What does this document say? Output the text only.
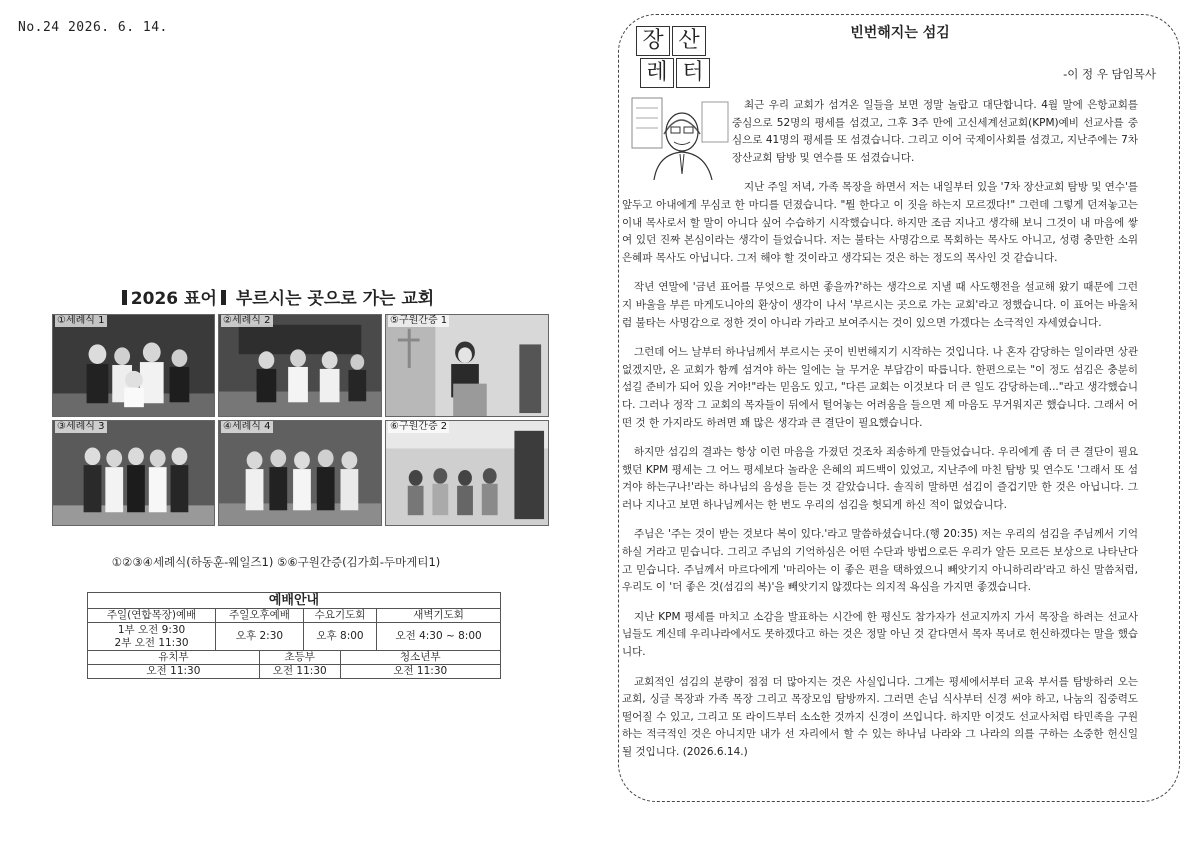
No.24 2026. 6. 14.
2026 표어 부르시는 곳으로 가는 교회
①세례식 1	②세례식 2	⑤구원간증 1
③세례식 3	④세례식 4	⑥구원간증 2
①②③④세례식(하동훈-웨일즈1) ⑤⑥구원간증(김가희-두마게티1)
예배안내					
주일(연합목장)예배	주일오후예배		수요기도회		새벽기도회
1부 오전 9:30
2부 오전 11:30	오후 2:30		오후 8:00		오전 4:30 ~ 8:00
유치부		초등부		청소년부	
오전 11:30		오전 11:30		오전 11:30	
빈번해지는 섬김
-이 정 우 담임목사
장 산
레 터

최근 우리 교회가 섬겨온 일들을 보면 정말 놀랍고 대단합니다. 4월 말에 은항교회를 중심으로 52명의 평세를 섬겼고, 그후 3주 만에 고신세계선교회(KPM)예비 선교사를 중심으로 41명의 평세를 또 섬겼습니다. 그리고 이어 국제이사회를 섬겼고, 지난주에는 7차 장산교회 탐방 및 연수를 또 섬겼습니다.

지난 주일 저녁, 가족 목장을 하면서 저는 내일부터 있을 '7차 장산교회 탐방 및 연수'를 앞두고 아내에게 무심코 한 마디를 던졌습니다. "뭘 한다고 이 짓을 하는지 모르겠다!" 그런데 그렇게 던져놓고는 이내 목사로서 할 말이 아니다 싶어 수습하기 시작했습니다. 하지만 조금 지나고 생각해 보니 그것이 내 마음에 쌓여 있던 진짜 본심이라는 생각이 들었습니다. 저는 불타는 사명감으로 목회하는 목사도 아니고, 성령 충만한 소위 은혜파 목사도 아닙니다. 그저 해야 할 것이라고 생각되는 것은 하는 정도의 목사인 것 같습니다.

작년 연말에 '금년 표어를 무엇으로 하면 좋을까?'하는 생각으로 지낼 때 사도행전을 설교해 왔기 때문에 그런지 바울을 부른 마게도니아의 환상이 생각이 나서 '부르시는 곳으로 가는 교회'라고 정했습니다. 이 표어는 바울처럼 불타는 사명감으로 정한 것이 아니라 가라고 보여주시는 것이 있으면 가겠다는 소극적인 자세였습니다.

그런데 어느 날부터 하나님께서 부르시는 곳이 빈번해지기 시작하는 것입니다. 나 혼자 감당하는 일이라면 상관없겠지만, 온 교회가 함께 섬겨야 하는 일에는 늘 무거운 부담감이 따릅니다. 한편으로는 "이 정도 섬김은 충분히 섬길 준비가 되어 있을 거야!"라는 믿음도 있고, "다른 교회는 이것보다 더 큰 일도 감당하는데..."라고 생각했습니다. 그러나 정작 그 교회의 목자들이 뒤에서 털어놓는 어려움을 들으면 제 마음도 무거워지곤 했습니다. 그래서 어떤 것 한 가지라도 하려면 꽤 많은 생각과 큰 결단이 필요했습니다.

하지만 섬김의 결과는 항상 이런 마음을 가졌던 것조차 죄송하게 만들었습니다. 우리에게 좀 더 큰 결단이 필요했던 KPM 평세는 그 어느 평세보다 놀라운 은혜의 피드백이 있었고, 지난주에 마친 탐방 및 연수도 '그래서 또 섬겨야 하는구나!'라는 하나님의 음성을 듣는 것 같았습니다. 솔직히 말하면 섬김이 즐겁기만 한 것은 아닙니다. 그러나 지나고 보면 하나님께서는 한 번도 우리의 섬김을 헛되게 하신 적이 없었습니다.

주님은 '주는 것이 받는 것보다 복이 있다.'라고 말씀하셨습니다.(행 20:35) 저는 우리의 섬김을 주님께서 기억하실 거라고 믿습니다. 그리고 주님의 기억하심은 어떤 수단과 방법으로든 우리가 알든 모르든 보상으로 나타난다고 믿습니다. 주님께서 마르다에게 '마리아는 이 좋은 편을 택하였으니 빼앗기지 아니하리라'라고 하신 말씀처럼, 우리도 이 '더 좋은 것(섬김의 복)'을 빼앗기지 않겠다는 의지적 욕심을 가지면 좋겠습니다.

지난 KPM 평세를 마치고 소감을 발표하는 시간에 한 평신도 참가자가 선교지까지 가서 목장을 하려는 선교사님들도 계신데 우리나라에서도 못하겠다고 하는 것은 정말 아닌 것 같다면서 목자 목녀로 헌신하겠다는 말을 했습니다.

교회적인 섬김의 분량이 점점 더 많아지는 것은 사실입니다. 그게는 평세에서부터 교육 부서를 탐방하러 오는 교회, 싱글 목장과 가족 목장 그리고 목장모임 탐방까지. 그러면 손님 식사부터 신경 써야 하고, 나눔의 집중력도 떨어질 수 있고, 그리고 또 라이드부터 소소한 것까지 신경이 쓰입니다. 하지만 이것도 선교사처럼 타민족을 구원하는 적극적인 것은 아니지만 내가 선 자리에서 할 수 있는 하나님 나라와 그 나라의 의를 구하는 소중한 헌신일 될 것입니다. (2026.6.14.)
